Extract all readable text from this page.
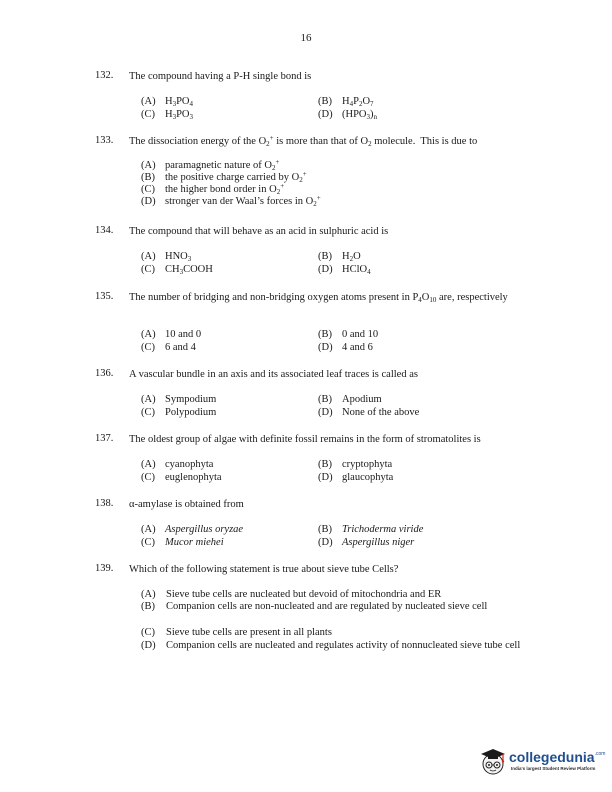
16
132. The compound having a P-H single bond is
(A) $H_3PO_4$	(B) $H_4P_2O_7$
(C) $H_3PO_3$	(D) $(HPO_3)_n$
133. The dissociation energy of the $O_2^+$ is more than that of $O_2$ molecule.  This is due to
(A) paramagnetic nature of $O_2^+$
(B) the positive charge carried by $O_2^+$
(C) the higher bond order in $O_2^+$
(D) stronger van der Waal’s forces in $O_2^+$
134. The compound that will behave as an acid in sulphuric acid is
(A) $HNO_3$	(B) $H_2O$
(C) $CH_3COOH$	(D) HClO$_4$
135. The number of bridging and non-bridging oxygen atoms present in $P_4O_{10}$ are, respectively
(A) 10 and 0	(B) 0 and 10
(C) 6 and 4	(D) 4 and 6
136. A vascular bundle in an axis and its associated leaf traces is called as
(A) Sympodium	(B) Apodium
(C) Polypodium	(D) None of the above
137. The oldest group of algae with definite fossil remains in the form of stromatolites is
(A) cyanophyta	(B) cryptophyta
(C) euglenophyta	(D) glaucophyta
138. α-amylase is obtained from
(A) Aspergillus oryzae	(B) Trichoderma viride
(C) Mucor miehei	(D) Aspergillus niger
139. Which of the following statement is true about sieve tube Cells?
(A) Sieve tube cells are nucleated but devoid of mitochondria and ER
(B)	Companion cells are non-nucleated and are regulated by nucleated sieve cell
(C)	Sieve tube cells are present in all plants
(D) Companion cells are nucleated and regulates activity of nonnucleated sieve tube cell
collegedunia$^{.com}$
India's largest Student Review Platform
